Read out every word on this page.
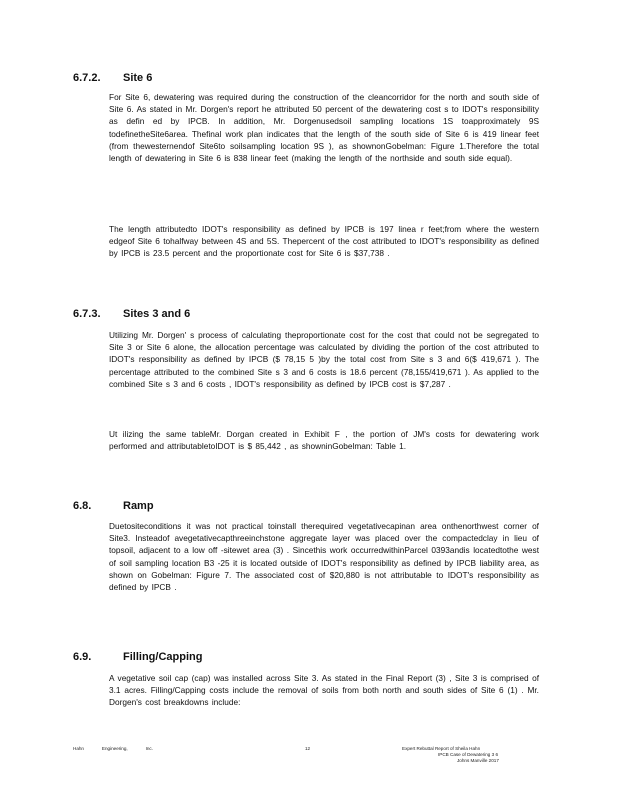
6.7.2.	Site 6

For Site 6, dewatering was required during the construction of the cleancorridor for the north and south side of Site 6. As stated in Mr. Dorgen's report he attributed 50 percent of the dewatering cost s to IDOT's responsibility as defin ed by IPCB. In addition, Mr. Dorgenusedsoil sampling locations 1S toapproximately 9S todefinetheSite6area. Thefinal work plan indicates that the length of the south side of Site 6 is 419 linear feet (from thewesternendof Site6to soilsampling location 9S ), as shownonGobelman: Figure 1.Therefore the total length of dewatering in Site 6 is 838 linear feet (making the length of the northside and south side equal).

The length attributedto IDOT's responsibility as defined by IPCB is 197 linea r feet;from where the western edgeof Site 6 tohalfway between 4S and 5S. Thepercent of the cost attributed to IDOT's responsibility as defined by IPCB is 23.5 percent and the proportionate cost for Site 6 is $37,738 .

6.7.3.	Sites 3 and 6

Utilizing Mr. Dorgen' s process of calculating theproportionate cost for the cost that could not be segregated to Site 3 or Site 6 alone, the allocation percentage was calculated by dividing the portion of the cost attributed to IDOT's responsibility as defined by IPCB ($ 78,15 5 )by the total cost from Site s 3 and 6($ 419,671 ). The percentage attributed to the combined Site s 3 and 6 costs is 18.6 percent (78,155/419,671 ). As applied to the combined Site s 3 and 6 costs , IDOT's responsibility as defined by IPCB cost is $7,287 .

Ut ilizing the same tableMr. Dorgan created in Exhibit F , the portion of JM's costs for dewatering work performed and attributabletoIDOT is $ 85,442 , as showninGobelman: Table 1.

6.8.	Ramp

Duetositeconditions it was not practical toinstall therequired vegetativecapinan area onthenorthwest corner of Site3. Insteadof avegetativecapthreeinchstone aggregate layer was placed over the compactedclay in lieu of topsoil, adjacent to a low off -sitewet area (3) . Sincethis work occurredwithinParcel 0393andis locatedtothe west of soil sampling location B3 -25 it is located outside of IDOT's responsibility as defined by IPCB liability area, as shown on Gobelman: Figure 7. The associated cost of $20,880 is not attributable to IDOT's responsibility as defined by IPCB .

6.9.	Filling/Capping

A vegetative soil cap (cap) was installed across Site 3. As stated in the Final Report (3) , Site 3 is comprised of 3.1 acres. Filling/Capping costs include the removal of soils from both north and south sides of Site 6 (1) . Mr. Dorgen's cost breakdowns include:

Hahn	Engineering,	Inc.	12	Expert Rebuttal Report of Sheila Hahn
IPCB Case of Dewatering 3 6
Johns Manville 2017
